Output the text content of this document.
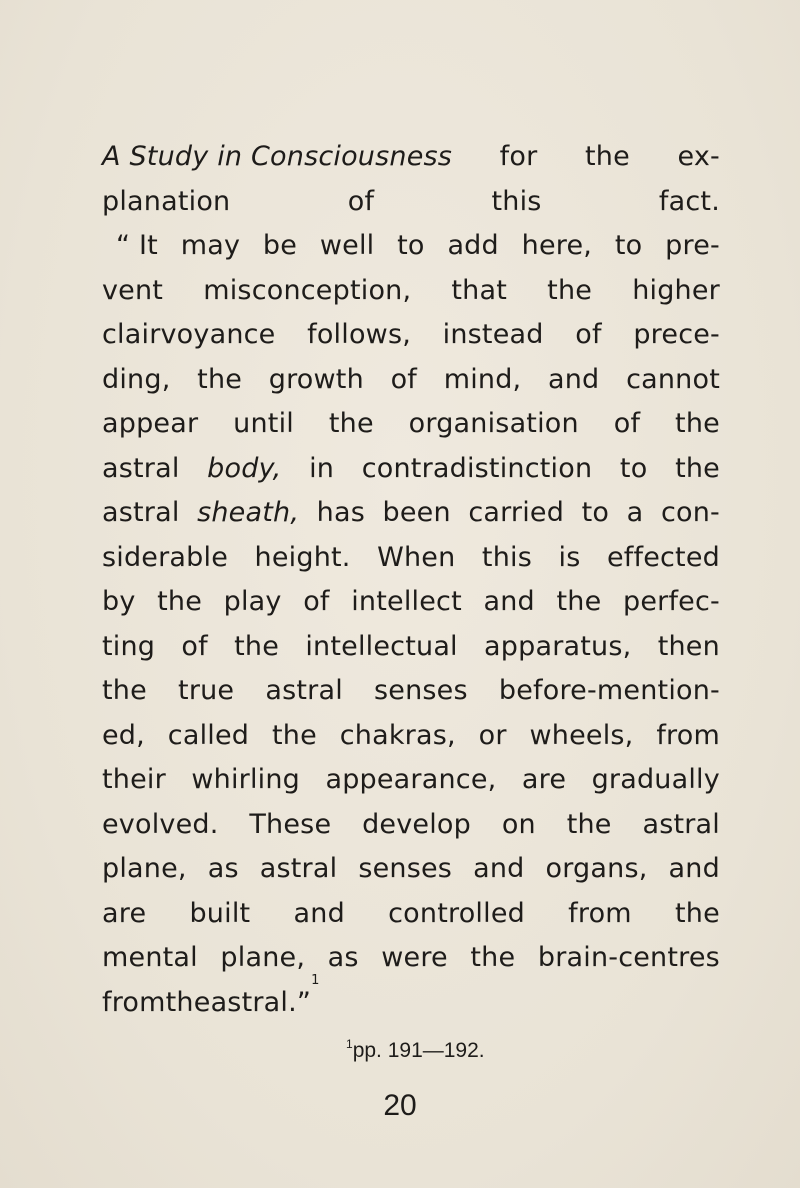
A Study in Consciousness for the ex-
planation	of	this	fact.
“ It may be well to add here, to pre-
vent misconception, that the higher
clairvoyance follows, instead of prece-
ding, the growth of mind, and cannot
appear until the organisation of the
astral body, in contradistinction to the
astral sheath, has been carried to a con-
siderable height. When this is effected
by the play of intellect and the perfec-
ting of the intellectual apparatus, then
the true astral senses before-mention-
ed, called the chakras, or wheels, from
their whirling appearance, are gradually
evolved. These develop on the astral
plane, as astral senses and organs, and
are built and controlled from the
mental plane, as were the brain-centres
from the astral.”
1
$^1$pp. 191—192.
20
